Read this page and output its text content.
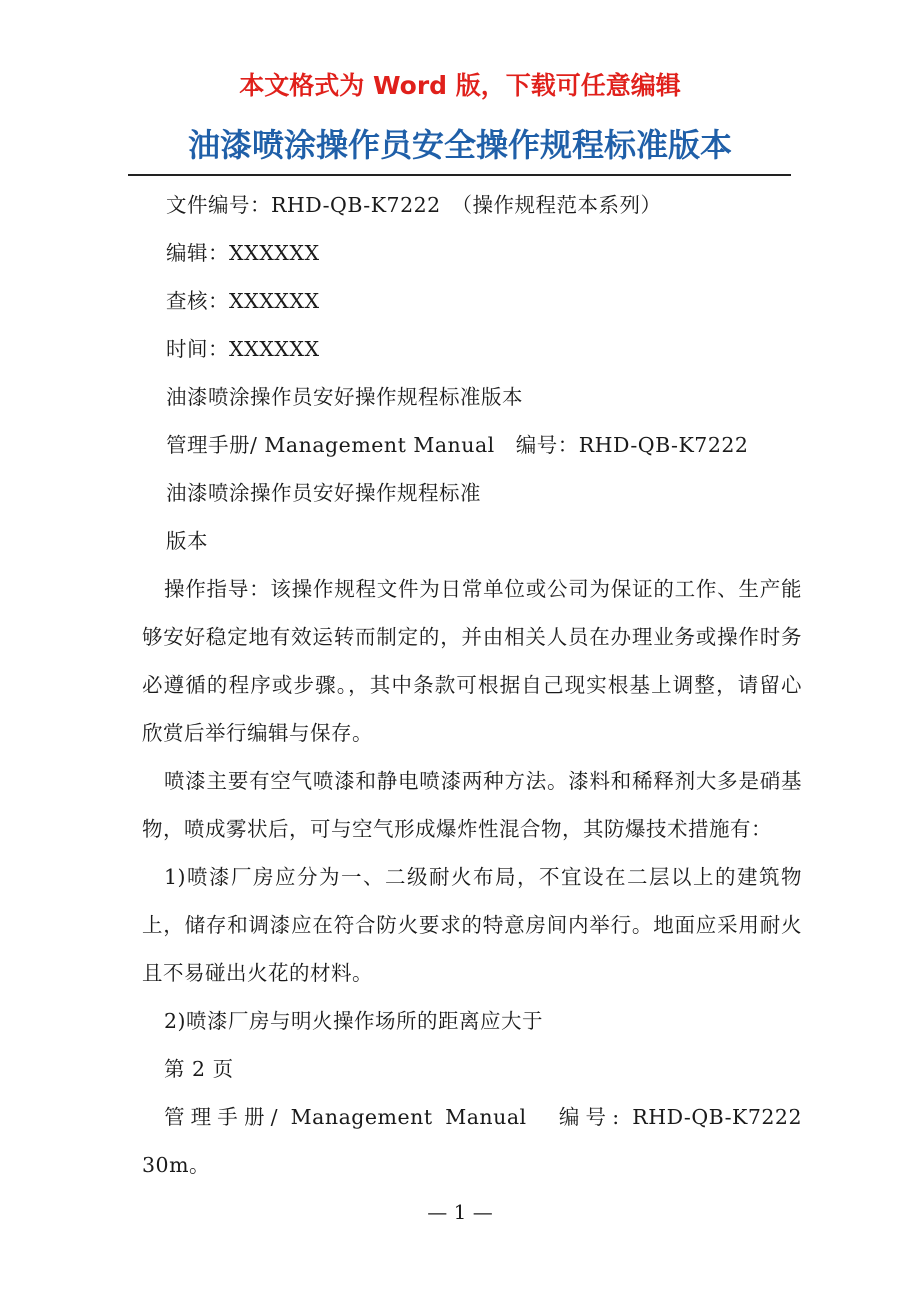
本文格式为 Word 版，下载可任意编辑
油漆喷涂操作员安全操作规程标准版本

文件编号：RHD-QB-K7222　（操作规程范本系列）

编辑：XXXXXX

查核：XXXXXX

时间：XXXXXX

油漆喷涂操作员安好操作规程标准版本

管理手册/ Management Manual　编号：RHD-QB-K7222

油漆喷涂操作员安好操作规程标准

版本

操作指导：该操作规程文件为日常单位或公司为保证的工作、生产能够安好稳定地有效运转而制定的，并由相关人员在办理业务或操作时务必遵循的程序或步骤。，其中条款可根据自己现实根基上调整，请留心欣赏后举行编辑与保存。

喷漆主要有空气喷漆和静电喷漆两种方法。漆料和稀释剂大多是硝基物，喷成雾状后，可与空气形成爆炸性混合物，其防爆技术措施有：

1)喷漆厂房应分为一、二级耐火布局，不宜设在二层以上的建筑物上，储存和调漆应在符合防火要求的特意房间内举行。地面应采用耐火且不易碰出火花的材料。

2)喷漆厂房与明火操作场所的距离应大于

第 2 页

管理手册/ Management Manual　编号: RHD-QB-K7222 30m。

— 1 —
